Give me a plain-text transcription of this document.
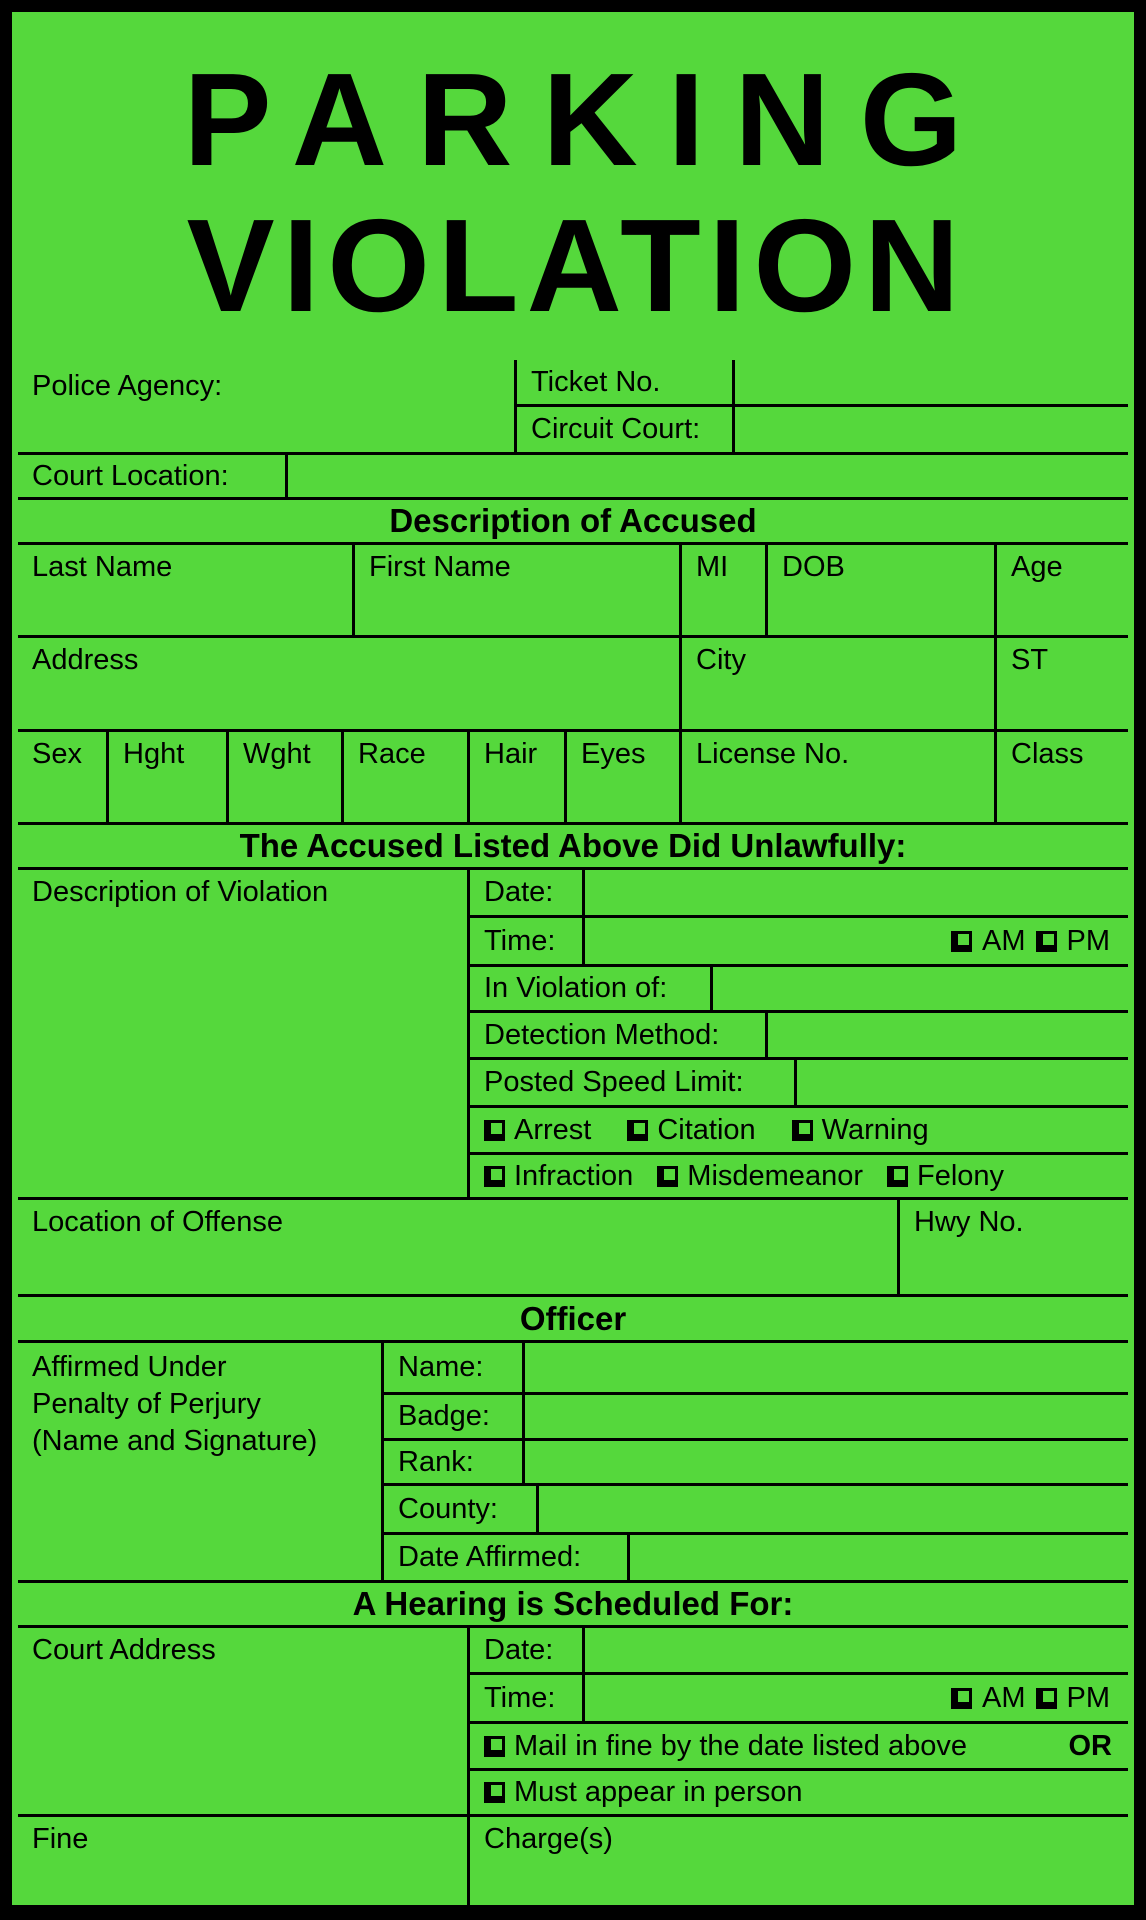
PARKING
VIOLATION
Police Agency:	Ticket No.
Circuit Court:
Court Location:
Description of Accused
Last Name	First Name	MI	DOB	Age
Address	City	ST
Sex	Hght	Wght	Race	Hair	Eyes	License No.	Class
The Accused Listed Above Did Unlawfully:
Description of Violation	Date:
Time:	AM PM
In Violation of:
Detection Method:
Posted Speed Limit:
Arrest Citation Warning
Infraction Misdemeanor Felony
Location of Offense	Hwy No.
Officer
Affirmed Under
Penalty of Perjury
(Name and Signature)
Name:
Badge:
Rank:
County:
Date Affirmed:
A Hearing is Scheduled For:
Court Address	Date:
Time:	AM PM
Mail in fine by the date listed above	OR
Must appear in person
Fine	Charge(s)
